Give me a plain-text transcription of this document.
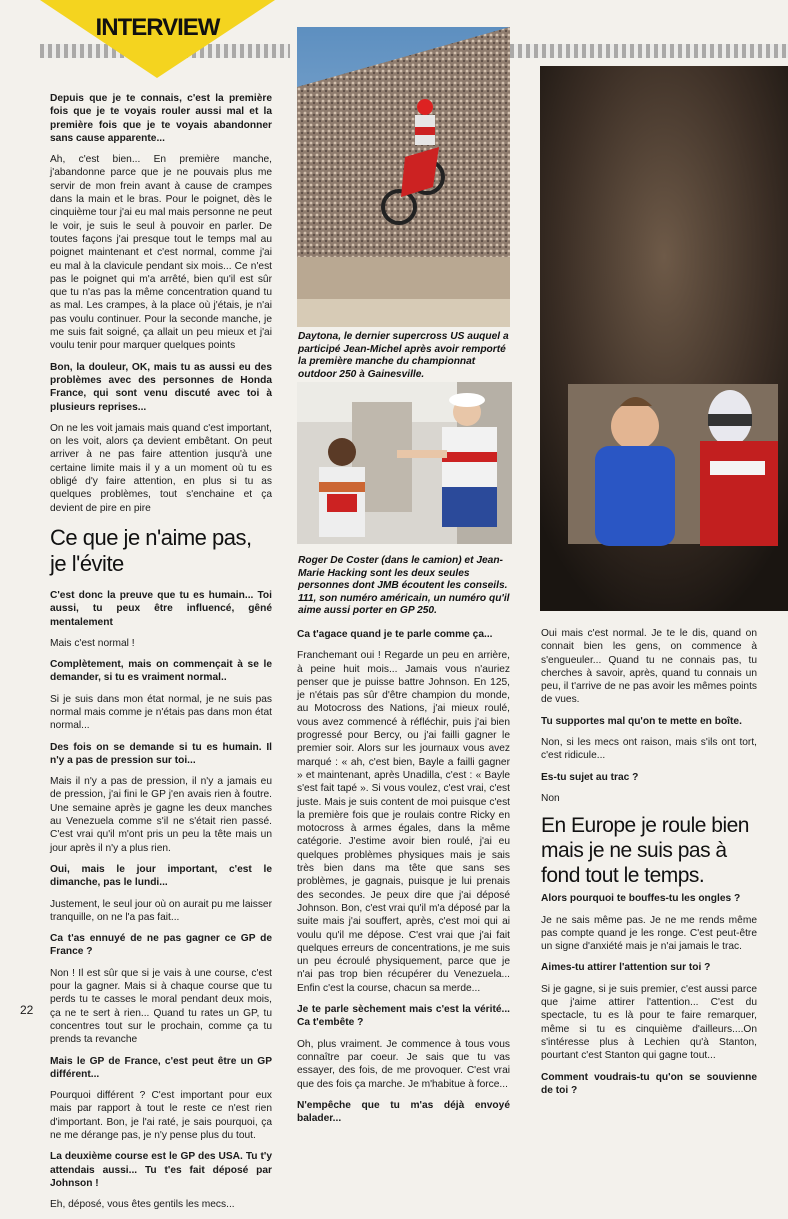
INTERVIEW

Depuis que je te connais, c'est la première fois que je te voyais rouler aussi mal et la première fois que je te voyais abandonner sans cause apparente...

Ah, c'est bien... En première manche, j'abandonne parce que je ne pouvais plus me servir de mon frein avant à cause de crampes dans la main et le bras. Pour le poignet, dès le cinquième tour j'ai eu mal mais personne ne peut le voir, je suis le seul à pouvoir en parler. De toutes façons j'ai presque tout le temps mal au poignet maintenant et c'est normal, comme j'ai eu mal à la clavicule pendant six mois... Ce n'est pas le poignet qui m'a arrêté, bien qu'il est sûr que tu n'as pas la même concentration quand tu as mal. Les crampes, à la place où j'étais, je n'ai pas voulu continuer. Pour la seconde manche, je me suis fait soigné, ça allait un peu mieux et j'ai voulu tenir pour marquer quelques points

Bon, la douleur, OK, mais tu as aussi eu des problèmes avec des personnes de Honda France, qui sont venu discuté avec toi à plusieurs reprises...

On ne les voit jamais mais quand c'est important, on les voit, alors ça devient embêtant. On peut arriver à ne pas faire attention jusqu'à une certaine limite mais il y a un moment où tu es obligé d'y faire attention, en plus si tu as quelques problèmes, tout s'enchaine et ça devient de pire en pire

Ce que je n'aime pas, je l'évite

C'est donc la preuve que tu es humain... Toi aussi, tu peux être influencé, gêné mentalement

Mais c'est normal !

Complètement, mais on commençait à se le demander, si tu es vraiment normal..

Si je suis dans mon état normal, je ne suis pas normal mais comme je n'étais pas dans mon état normal...

Des fois on se demande si tu es humain. Il n'y a pas de pression sur toi...

Mais il n'y a pas de pression, il n'y a jamais eu de pression, j'ai fini le GP j'en avais rien à foutre. Une semaine après je gagne les deux manches au Venezuela comme s'il ne s'était rien passé. C'est vrai qu'il m'ont pris un peu la tête mais un jour après il n'y a plus rien.

Oui, mais le jour important, c'est le dimanche, pas le lundi...

Justement, le seul jour où on aurait pu me laisser tranquille, on ne l'a pas fait...

Ca t'as ennuyé de ne pas gagner ce GP de France ?

Non ! Il est sûr que si je vais à une course, c'est pour la gagner. Mais si à chaque course que tu perds tu te casses le moral pendant deux mois, ça ne te sert à rien... Quand tu rates un GP, tu concentres tout sur le prochain, comme ça tu prends ta revanche

Mais le GP de France, c'est peut être un GP différent...

Pourquoi différent ? C'est important pour eux mais par rapport à tout le reste ce n'est rien d'important. Bon, je l'ai raté, je sais pourquoi, ça ne me dérange pas, je n'y pense plus du tout.

La deuxième course est le GP des USA. Tu t'y attendais aussi... Tu t'es fait déposé par Johnson !

Eh, déposé, vous êtes gentils les mecs...

Daytona, le dernier supercross US auquel a participé Jean-Michel après avoir remporté la première manche du championnat outdoor 250 à Gainesville.
Roger De Coster (dans le camion) et Jean-Marie Hacking sont les deux seules personnes dont JMB écoutent les conseils. 111, son numéro américain, un numéro qu'il aime aussi porter en GP 250.

Ca t'agace quand je te parle comme ça...

Franchemant oui ! Regarde un peu en arrière, à peine huit mois... Jamais vous n'auriez penser que je puisse battre Johnson. En 125, je n'étais pas sûr d'être champion du monde, au Motocross des Nations, j'ai mieux roulé, vous avez commencé à réfléchir, puis j'ai bien progressé pour Bercy, ou j'ai failli gagner le premier soir. Alors sur les journaux vous avez marqué : « ah, c'est bien, Bayle a failli gagner » et maintenant, après Unadilla, c'est : « Bayle s'est fait tapé ». Si vous voulez, c'est vrai, c'est juste. Mais je suis content de moi puisque c'est la première fois que je roulais contre Ricky en motocross à armes égales, dans la même catégorie. J'estime avoir bien roulé, j'ai eu quelques problèmes physiques mais je sais très bien dans ma tête que sans ses problèmes, je gagnais, puisque je lui prenais des secondes. Je peux dire que j'ai déposé Johnson. Bon, c'est vrai qu'il m'a déposé par la suite mais j'ai souffert, après, c'est moi qui ai voulu qu'il me dépose. C'est vrai que j'ai fait quelques erreurs de concentrations, je me suis un peu écroulé physiquement, parce que je n'ai pas trop bien récupérer du Venezuela... Enfin c'est la course, chacun sa merde...

Je te parle sèchement mais c'est la vérité... Ca t'embête ?

Oh, plus vraiment. Je commence à tous vous connaître par coeur. Je sais que tu vas essayer, des fois, de me provoquer. C'est vrai que des fois ça marche. Je m'habitue à force...

N'empêche que tu m'as déjà envoyé balader...

Oui mais c'est normal. Je te le dis, quand on connait bien les gens, on commence à s'engueuler... Quand tu ne connais pas, tu cherches à savoir, après, quand tu connais un peu, il t'arrive de ne pas avoir les mêmes points de vues.

Tu supportes mal qu'on te mette en boîte.

Non, si les mecs ont raison, mais s'ils ont tort, c'est ridicule...

Es-tu sujet au trac ?

Non

En Europe je roule bien mais je ne suis pas à fond tout le temps.

Alors pourquoi te bouffes-tu les ongles ?

Je ne sais même pas. Je ne me rends même pas compte quand je les ronge. C'est peut-être un signe d'anxiété mais je n'ai jamais le trac.

Aimes-tu attirer l'attention sur toi ?

Si je gagne, si je suis premier, c'est aussi parce que j'aime attirer l'attention... C'est du spectacle, tu es là pour te faire remarquer, même si tu es cinquième d'ailleurs....On s'intéresse plus à Lechien qu'à Stanton, pourtant c'est Stanton qui gagne tout...

Comment voudrais-tu qu'on se souvienne de toi ?

22
